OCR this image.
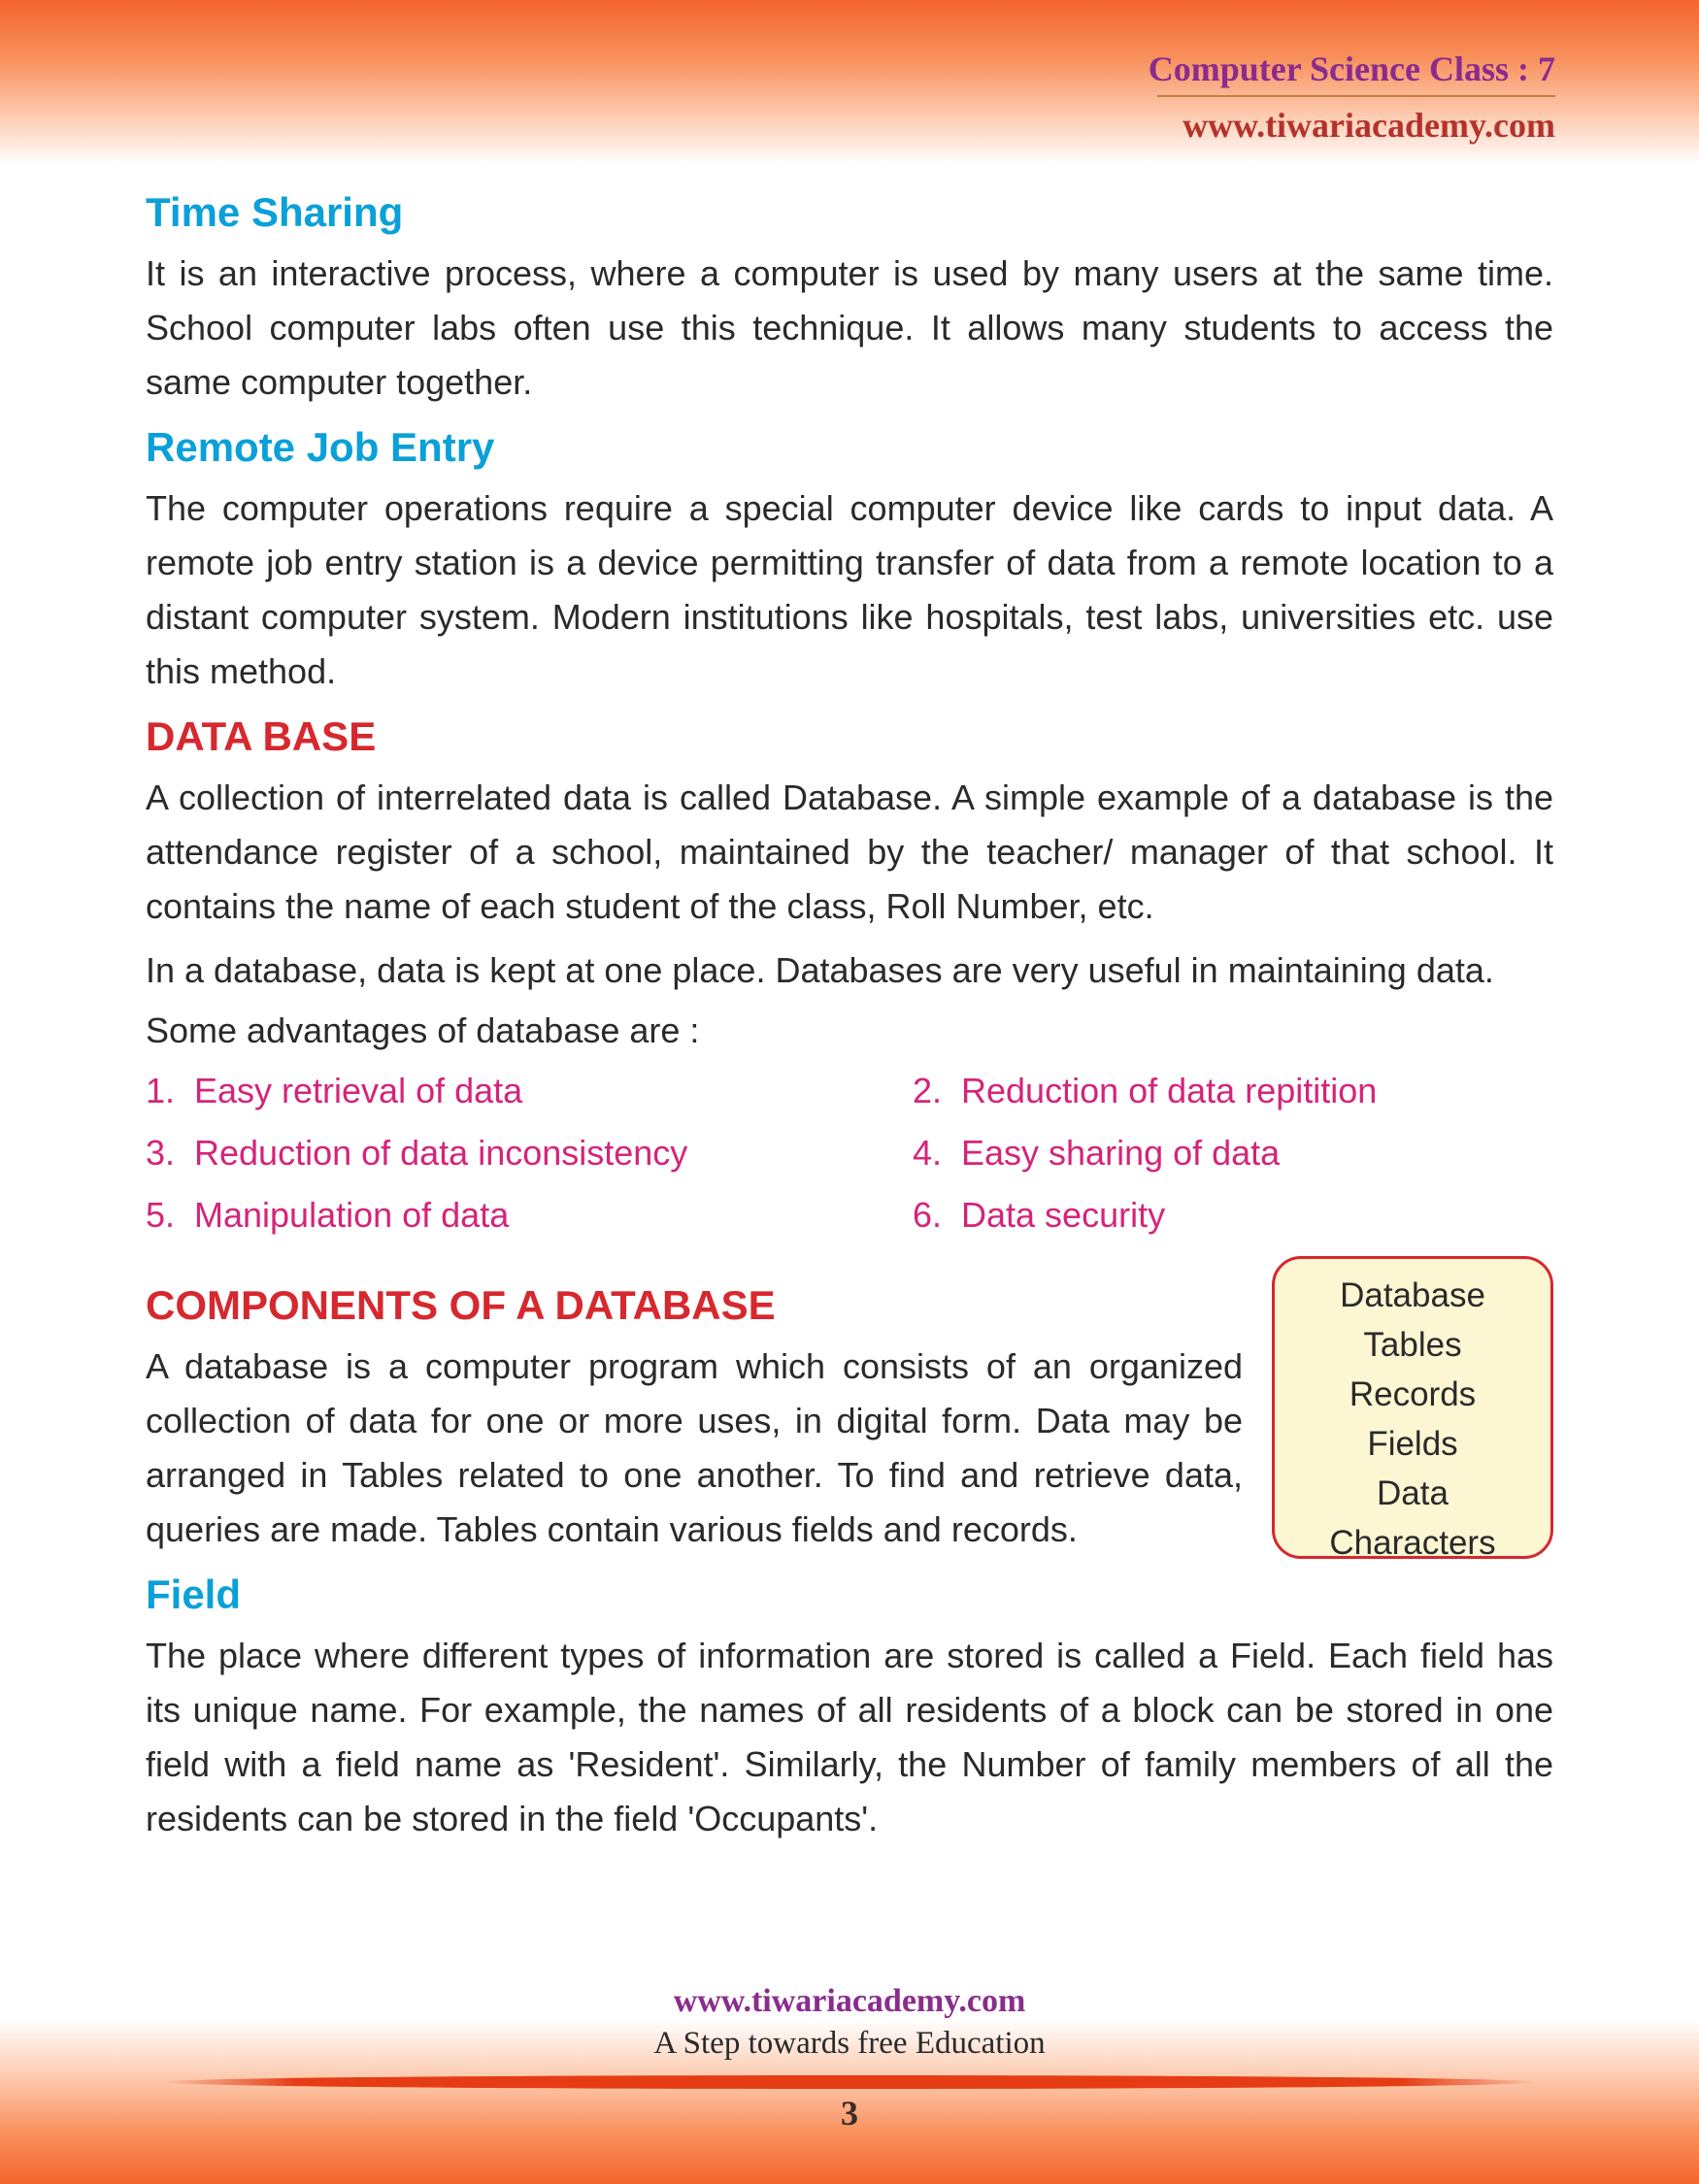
Computer Science Class : 7
www.tiwariacademy.com
Time Sharing

It is an interactive process, where a computer is used by many users at the same time. School computer labs often use this technique. It allows many students to access the same computer together.

Remote Job Entry

The computer operations require a special computer device like cards to input data. A remote job entry station is a device permitting transfer of data from a remote location to a distant computer system. Modern institutions like hospitals, test labs, universities etc. use this method.

DATA BASE

A collection of interrelated data is called Database. A simple example of a database is the attendance register of a school, maintained by the teacher/ manager of that school. It contains the name of each student of the class, Roll Number, etc.

In a database, data is kept at one place. Databases are very useful in maintaining data.

Some advantages of database are :

1. Easy retrieval of data	2. Reduction of data repitition
3. Reduction of data inconsistency	4. Easy sharing of data
5. Manipulation of data	6. Data security
COMPONENTS OF A DATABASE

A database is a computer program which consists of an organized collection of data for one or more uses, in digital form. Data may be arranged in Tables related to one another. To find and retrieve data, queries are made. Tables contain various fields and records.

Database
Tables
Records
Fields
Data
Characters
Field

The place where different types of information are stored is called a Field. Each field has its unique name. For example, the names of all residents of a block can be stored in one field with a field name as 'Resident'. Similarly, the Number of family members of all the residents can be stored in the field 'Occupants'.

www.tiwariacademy.com
A Step towards free Education
3
